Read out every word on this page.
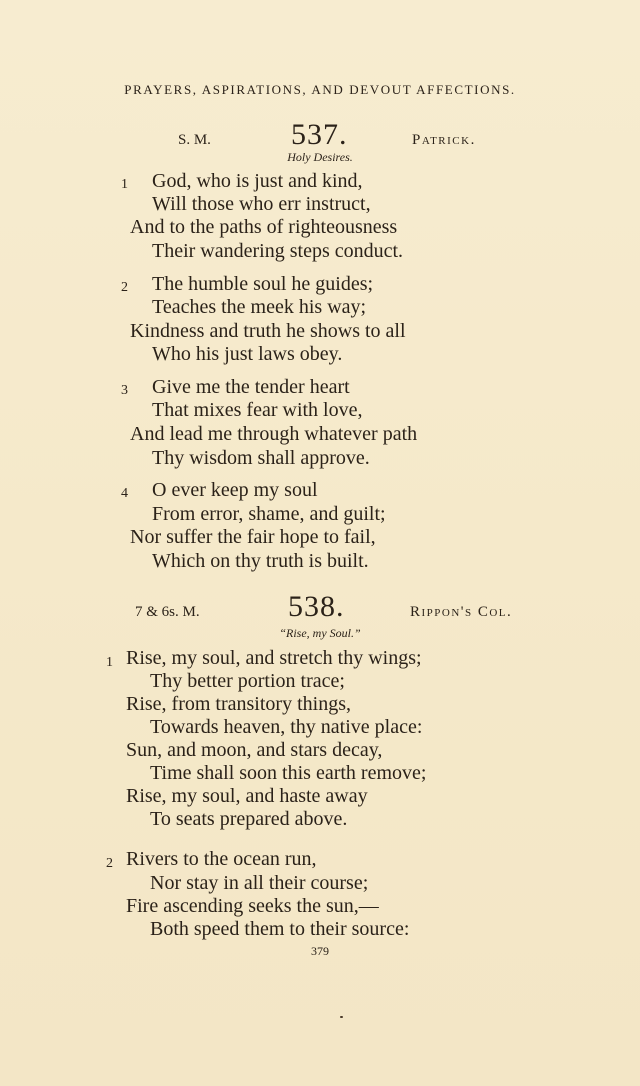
PRAYERS, ASPIRATIONS, AND DEVOUT AFFECTIONS.
S. M.	537.	Patrick.
Holy Desires.
1 God, who is just and kind,
Will those who err instruct,
And to the paths of righteousness
Their wandering steps conduct.
2 The humble soul he guides;
Teaches the meek his way;
Kindness and truth he shows to all
Who his just laws obey.
3 Give me the tender heart
That mixes fear with love,
And lead me through whatever path
Thy wisdom shall approve.
4 O ever keep my soul
From error, shame, and guilt;
Nor suffer the fair hope to fail,
Which on thy truth is built.
7 & 6s. M.	538.	Rippon's Col.
“Rise, my Soul.”
1 Rise, my soul, and stretch thy wings;
Thy better portion trace;
Rise, from transitory things,
Towards heaven, thy native place:
Sun, and moon, and stars decay,
Time shall soon this earth remove;
Rise, my soul, and haste away
To seats prepared above.
2 Rivers to the ocean run,
Nor stay in all their course;
Fire ascending seeks the sun,—
Both speed them to their source:
379
